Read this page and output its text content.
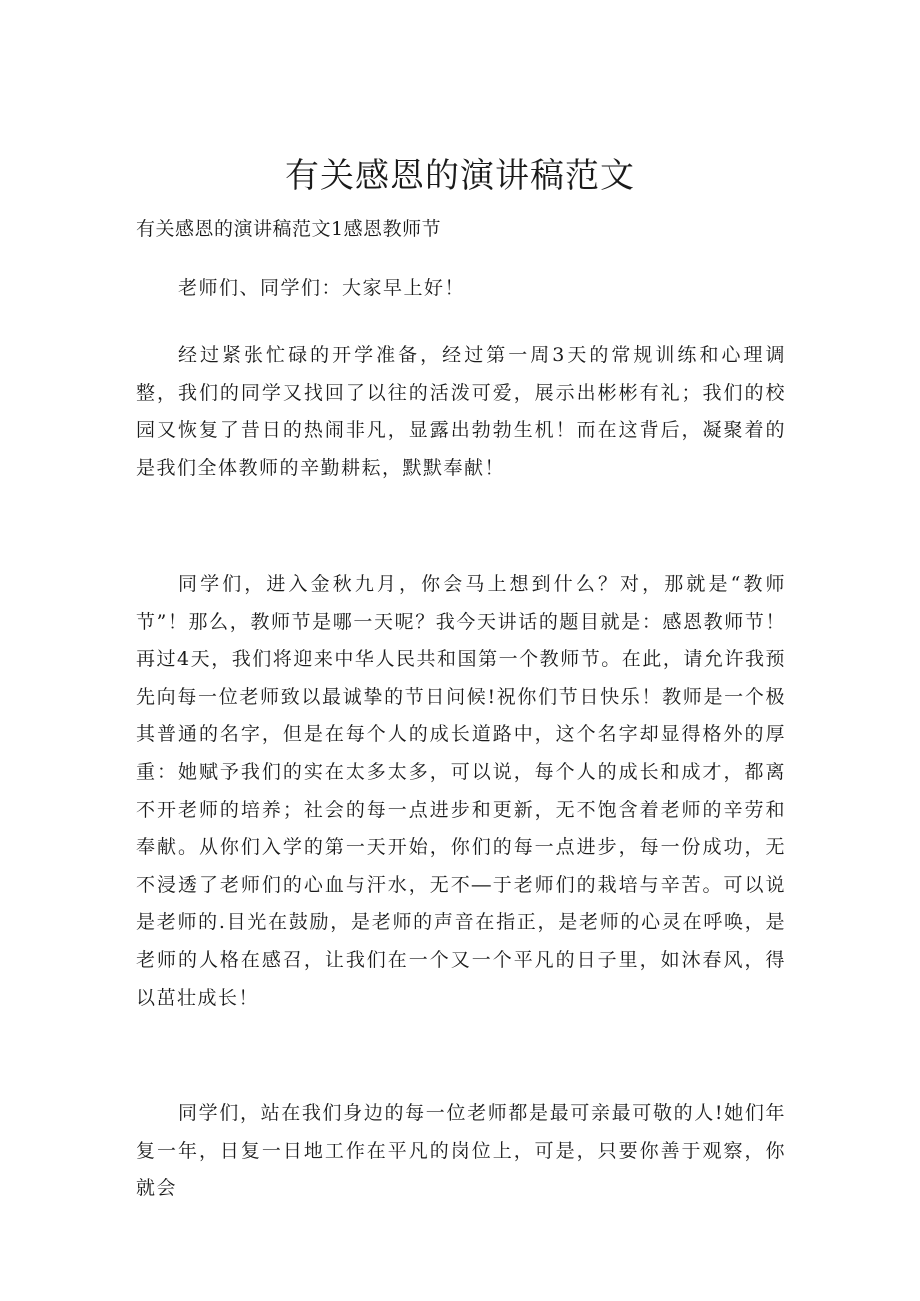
有关感恩的演讲稿范文

有关感恩的演讲稿范文1感恩教师节

老师们、同学们：大家早上好！

经过紧张忙碌的开学准备，经过第一周3天的常规训练和心理调整，我们的同学又找回了以往的活泼可爱，展示出彬彬有礼；我们的校园又恢复了昔日的热闹非凡，显露出勃勃生机！而在这背后，凝聚着的是我们全体教师的辛勤耕耘，默默奉献！

同学们，进入金秋九月，你会马上想到什么？对，那就是“教师节”！那么，教师节是哪一天呢？我今天讲话的题目就是：感恩教师节！再过4天，我们将迎来中华人民共和国第一个教师节。在此，请允许我预先向每一位老师致以最诚挚的节日问候!祝你们节日快乐！教师是一个极其普通的名字，但是在每个人的成长道路中，这个名字却显得格外的厚重：她赋予我们的实在太多太多，可以说，每个人的成长和成才，都离不开老师的培养；社会的每一点进步和更新，无不饱含着老师的辛劳和奉献。从你们入学的第一天开始，你们的每一点进步，每一份成功，无不浸透了老师们的心血与汗水，无不―于老师们的栽培与辛苦。可以说是老师的.目光在鼓励，是老师的声音在指正，是老师的心灵在呼唤，是老师的人格在感召，让我们在一个又一个平凡的日子里，如沐春风，得以茁壮成长！

同学们，站在我们身边的每一位老师都是最可亲最可敬的人!她们年复一年，日复一日地工作在平凡的岗位上，可是，只要你善于观察，你就会
